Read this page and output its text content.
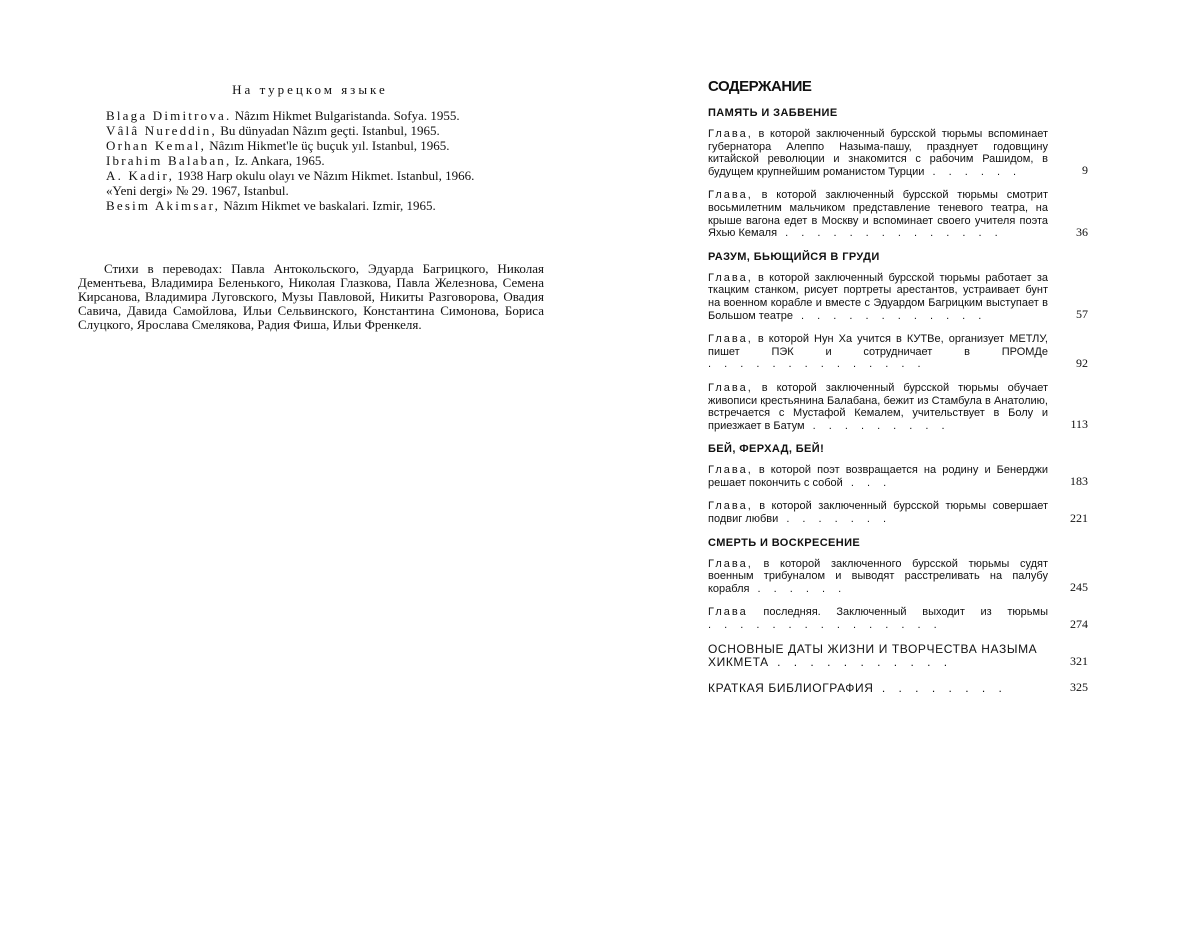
На турецком языке

Blaga Dimitrova. Nâzım Hikmet Bulgaristanda. Sofya. 1955.

Vâlâ Nureddin, Bu dünyadan Nâzım geçti. Istanbul, 1965.

Orhan Kemal, Nâzım Hikmet'le üç buçuk yıl. Istanbul, 1965.

Ibrahim Balaban, Iz. Ankara, 1965.

A. Kadir, 1938 Harp okulu olayı ve Nâzım Hikmet. Istanbul, 1966.

«Yeni dergi» № 29. 1967, Istanbul.

Besim Akimsar, Nâzım Hikmet ve baskalari. Izmir, 1965.

Стихи в переводах: Павла Антокольского, Эдуарда Багрицкого, Николая Дементьева, Владимира Беленького, Николая Глазкова, Павла Железнова, Семена Кирсанова, Владимира Луговского, Музы Павловой, Никиты Разговорова, Овадия Савича, Давида Самойлова, Ильи Сельвинского, Константина Симонова, Бориса Слуцкого, Ярослава Смелякова, Радия Фиша, Ильи Френкеля.

СОДЕРЖАНИЕ
ПАМЯТЬ И ЗАБВЕНИЕ
Глава, в которой заключенный бурсской тюрьмы вспоминает губернатора Алеппо Назыма-пашу, празднует годовщину китайской революции и знакомится с рабочим Рашидом, в будущем крупнейшим романистом Турции . . . . . .	9
Глава, в которой заключенный бурсской тюрьмы смотрит восьмилетним мальчиком представление теневого театра, на крыше вагона едет в Москву и вспоминает своего учителя поэта Яхью Кемаля . . . . . . . . . . . . . .	36
РАЗУМ, БЬЮЩИЙСЯ В ГРУДИ
Глава, в которой заключенный бурсской тюрьмы работает за ткацким станком, рисует портреты арестантов, устраивает бунт на военном корабле и вместе с Эдуардом Багрицким выступает в Большом театре . . . . . . . . . . . .	57
Глава, в которой Нун Ха учится в КУТВе, организует МЕТЛУ, пишет ПЭК и сотрудничает в ПРОМДе . . . . . . . . . . . . . .	92
Глава, в которой заключенный бурсской тюрьмы обучает живописи крестьянина Балабана, бежит из Стамбула в Анатолию, встречается с Мустафой Кемалем, учительствует в Болу и приезжает в Батум . . . . . . . . .	113
БЕЙ, ФЕРХАД, БЕЙ!
Глава, в которой поэт возвращается на родину и Бенерджи решает покончить с собой . . .	183
Глава, в которой заключенный бурсской тюрьмы совершает подвиг любви . . . . . . .	221
СМЕРТЬ И ВОСКРЕСЕНИЕ
Глава, в которой заключенного бурсской тюрьмы судят военным трибуналом и выводят расстреливать на палубу корабля . . . . . .	245
Глава последняя. Заключенный выходит из тюрьмы . . . . . . . . . . . . . . .	274
ОСНОВНЫЕ ДАТЫ ЖИЗНИ И ТВОРЧЕСТВА НАЗЫМА ХИКМЕТА . . . . . . . . . . .	321
КРАТКАЯ БИБЛИОГРАФИЯ . . . . . . . .	325
